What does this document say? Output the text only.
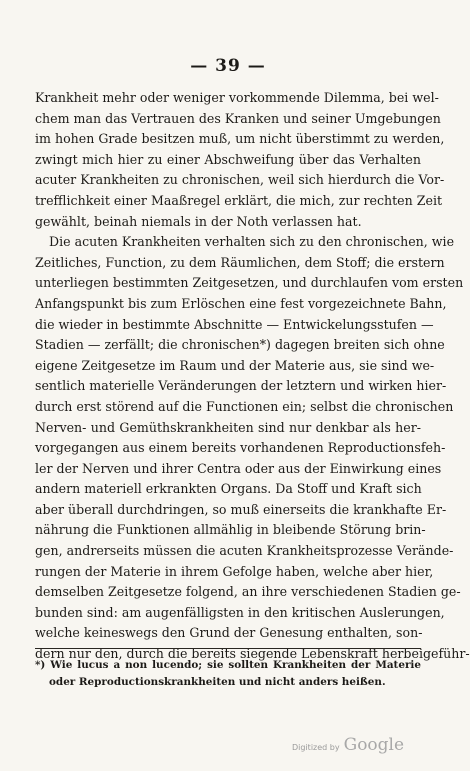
— 39 —
Krankheit mehr oder weniger vorkommende Dilemma, bei wel-
chem man das Vertrauen des Kranken und seiner Umgebungen
im hohen Grade besitzen muß, um nicht überstimmt zu werden,
zwingt mich hier zu einer Abschweifung über das Verhalten
acuter Krankheiten zu chronischen, weil sich hierdurch die Vor-
trefflichkeit einer Maaßregel erklärt, die mich, zur rechten Zeit
gewählt, beinah niemals in der Noth verlassen hat.
Die acuten Krankheiten verhalten sich zu den chronischen, wie
Zeitliches, Function, zu dem Räumlichen, dem Stoff; die erstern
unterliegen bestimmten Zeitgesetzen, und durchlaufen vom ersten
Anfangspunkt bis zum Erlöschen eine fest vorgezeichnete Bahn,
die wieder in bestimmte Abschnitte — Entwickelungsstufen —
Stadien — zerfällt; die chronischen*) dagegen breiten sich ohne
eigene Zeitgesetze im Raum und der Materie aus, sie sind we-
sentlich materielle Veränderungen der letztern und wirken hier-
durch erst störend auf die Functionen ein; selbst die chronischen
Nerven- und Gemüthskrankheiten sind nur denkbar als her-
vorgegangen aus einem bereits vorhandenen Reproductionsfeh-
ler der Nerven und ihrer Centra oder aus der Einwirkung eines
andern materiell erkrankten Organs. Da Stoff und Kraft sich
aber überall durchdringen, so muß einerseits die krankhafte Er-
nährung die Funktionen allmählig in bleibende Störung brin-
gen, andrerseits müssen die acuten Krankheitsprozesse Verände-
rungen der Materie in ihrem Gefolge haben, welche aber hier,
demselben Zeitgesetze folgend, an ihre verschiedenen Stadien ge-
bunden sind: am augenfälligsten in den kritischen Auslerungen,
welche keineswegs den Grund der Genesung enthalten, son-
dern nur den, durch die bereits siegende Lebenskraft herbeigeführ-
*) Wie lucus a non lucendo; sie sollten Krankheiten der Materie
oder Reproductionskrankheiten und nicht anders heißen.
Digitized by Google
